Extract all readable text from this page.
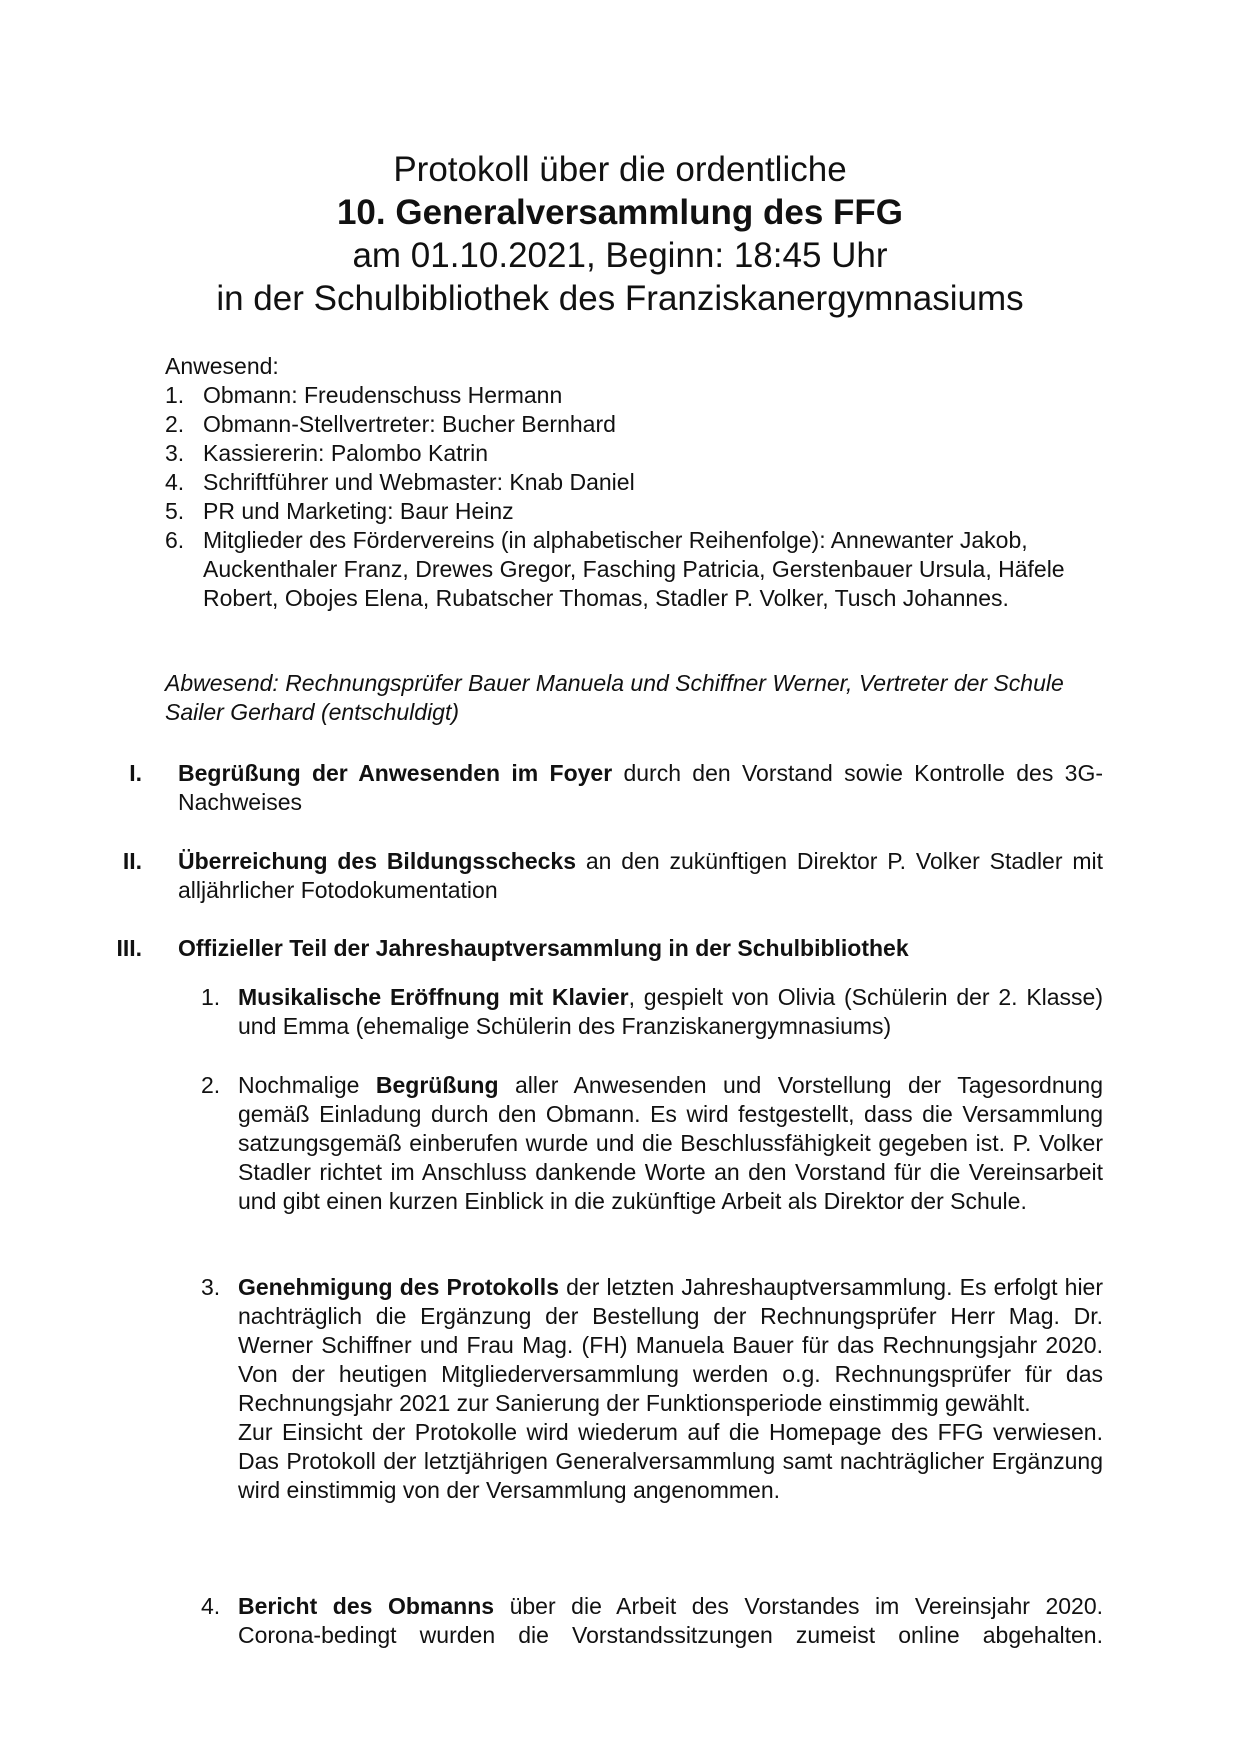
Protokoll über die ordentliche
10. Generalversammlung des FFG
am 01.10.2021, Beginn: 18:45 Uhr
in der Schulbibliothek des Franziskanergymnasiums

Anwesend:

1. Obmann: Freudenschuss Hermann
2. Obmann-Stellvertreter: Bucher Bernhard
3. Kassiererin: Palombo Katrin
4. Schriftführer und Webmaster: Knab Daniel
5. PR und Marketing: Baur Heinz
6. Mitglieder des Fördervereins (in alphabetischer Reihenfolge): Annewanter Jakob, Auckenthaler Franz, Drewes Gregor, Fasching Patricia, Gerstenbauer Ursula, Häfele Robert, Obojes Elena, Rubatscher Thomas, Stadler P. Volker, Tusch Johannes.
Abwesend: Rechnungsprüfer Bauer Manuela und Schiffner Werner, Vertreter der Schule Sailer Gerhard (entschuldigt)
I. Begrüßung der Anwesenden im Foyer durch den Vorstand sowie Kontrolle des 3G-Nachweises
II. Überreichung des Bildungsschecks an den zukünftigen Direktor P. Volker Stadler mit alljährlicher Fotodokumentation
III. Offizieller Teil der Jahreshauptversammlung in der Schulbibliothek
1. Musikalische Eröffnung mit Klavier, gespielt von Olivia (Schülerin der 2. Klasse) und Emma (ehemalige Schülerin des Franziskanergymnasiums)
2. Nochmalige Begrüßung aller Anwesenden und Vorstellung der Tagesordnung gemäß Einladung durch den Obmann. Es wird festgestellt, dass die Versammlung satzungsgemäß einberufen wurde und die Beschlussfähigkeit gegeben ist. P. Volker Stadler richtet im Anschluss dankende Worte an den Vorstand für die Vereinsarbeit und gibt einen kurzen Einblick in die zukünftige Arbeit als Direktor der Schule.
3. Genehmigung des Protokolls der letzten Jahreshauptversammlung. Es erfolgt hier nachträglich die Ergänzung der Bestellung der Rechnungsprüfer Herr Mag. Dr. Werner Schiffner und Frau Mag. (FH) Manuela Bauer für das Rechnungsjahr 2020. Von der heutigen Mitgliederversammlung werden o.g. Rechnungsprüfer für das Rechnungsjahr 2021 zur Sanierung der Funktionsperiode einstimmig gewählt.

Zur Einsicht der Protokolle wird wiederum auf die Homepage des FFG verwiesen. Das Protokoll der letztjährigen Generalversammlung samt nachträglicher Ergänzung wird einstimmig von der Versammlung angenommen.

4. Bericht des Obmanns über die Arbeit des Vorstandes im Vereinsjahr 2020.

Corona-bedingt wurden die Vorstandssitzungen zumeist online abgehalten.
